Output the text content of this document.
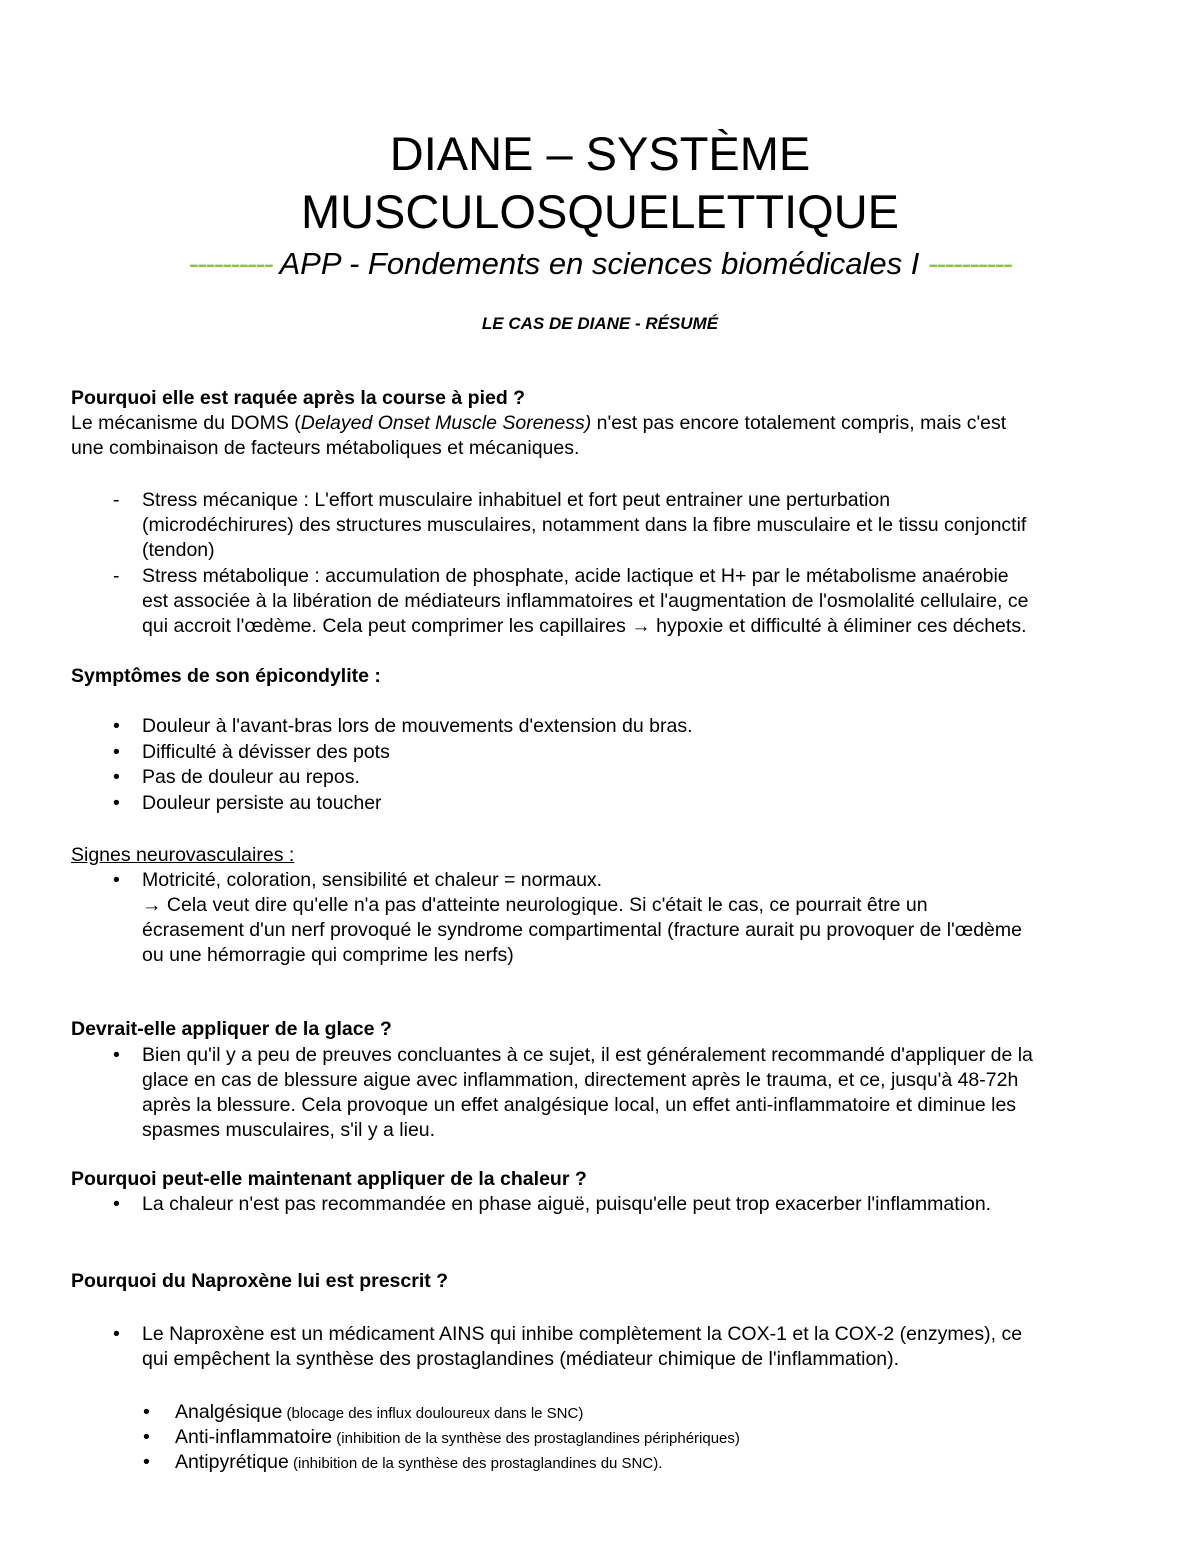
DIANE – SYSTÈME
MUSCULOSQUELETTIQUE
---------- APP - Fondements en sciences biomédicales I ----------
LE CAS DE DIANE - RÉSUMÉ
Pourquoi elle est raquée après la course à pied ?
Le mécanisme du DOMS (Delayed Onset Muscle Soreness) n'est pas encore totalement compris, mais c'est
une combinaison de facteurs métaboliques et mécaniques.
- Stress mécanique : L'effort musculaire inhabituel et fort peut entrainer une perturbation
(microdéchirures) des structures musculaires, notamment dans la fibre musculaire et le tissu conjonctif
(tendon)
- Stress métabolique : accumulation de phosphate, acide lactique et H+ par le métabolisme anaérobie
est associée à la libération de médiateurs inflammatoires et l'augmentation de l'osmolalité cellulaire, ce
qui accroit l'œdème. Cela peut comprimer les capillaires → hypoxie et difficulté à éliminer ces déchets.
Symptômes de son épicondylite :
• Douleur à l'avant-bras lors de mouvements d'extension du bras.
• Difficulté à dévisser des pots
• Pas de douleur au repos.
• Douleur persiste au toucher
Signes neurovasculaires :
• Motricité, coloration, sensibilité et chaleur = normaux.
→ Cela veut dire qu'elle n'a pas d'atteinte neurologique. Si c'était le cas, ce pourrait être un
écrasement d'un nerf provoqué le syndrome compartimental (fracture aurait pu provoquer de l'œdème
ou une hémorragie qui comprime les nerfs)
Devrait-elle appliquer de la glace ?
• Bien qu'il y a peu de preuves concluantes à ce sujet, il est généralement recommandé d'appliquer de la
glace en cas de blessure aigue avec inflammation, directement après le trauma, et ce, jusqu'à 48-72h
après la blessure. Cela provoque un effet analgésique local, un effet anti-inflammatoire et diminue les
spasmes musculaires, s'il y a lieu.
Pourquoi peut-elle maintenant appliquer de la chaleur ?
• La chaleur n'est pas recommandée en phase aiguë, puisqu'elle peut trop exacerber l'inflammation.
Pourquoi du Naproxène lui est prescrit ?
• Le Naproxène est un médicament AINS qui inhibe complètement la COX-1 et la COX-2 (enzymes), ce
qui empêchent la synthèse des prostaglandines (médiateur chimique de l'inflammation).
• Analgésique (blocage des influx douloureux dans le SNC)
• Anti-inflammatoire (inhibition de la synthèse des prostaglandines périphériques)
• Antipyrétique (inhibition de la synthèse des prostaglandines du SNC).
